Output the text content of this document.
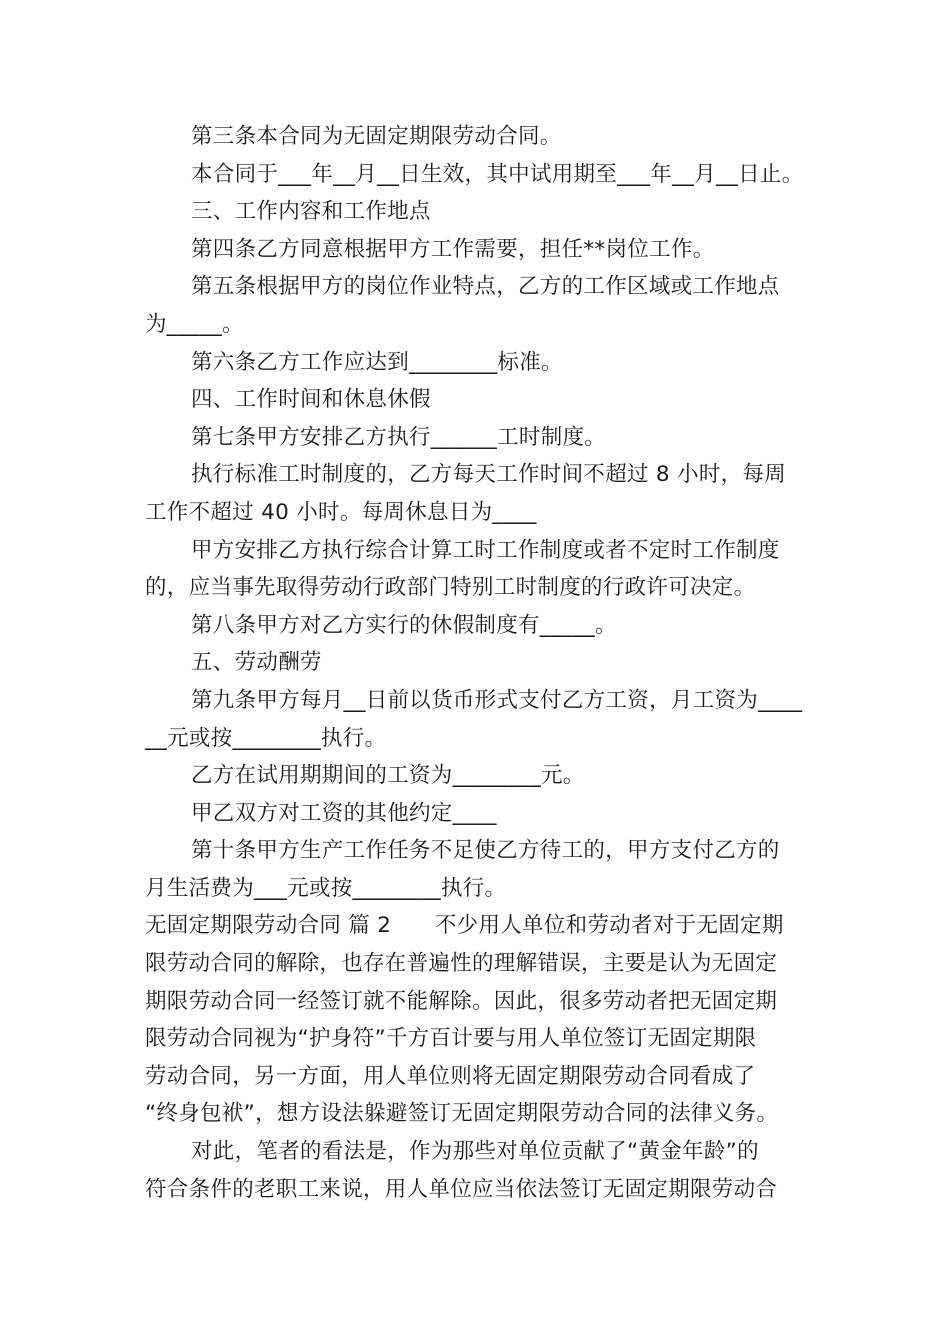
第三条本合同为无固定期限劳动合同。
本合同于___年__月__日生效，其中试用期至___年__月__日止。
三、工作内容和工作地点
第四条乙方同意根据甲方工作需要，担任**岗位工作。
第五条根据甲方的岗位作业特点，乙方的工作区域或工作地点
为_____。
第六条乙方工作应达到________标准。
四、工作时间和休息休假
第七条甲方安排乙方执行______工时制度。
执行标准工时制度的，乙方每天工作时间不超过 8 小时，每周
工作不超过 40 小时。每周休息日为____
甲方安排乙方执行综合计算工时工作制度或者不定时工作制度
的，应当事先取得劳动行政部门特别工时制度的行政许可决定。
第八条甲方对乙方实行的休假制度有_____。
五、劳动酬劳
第九条甲方每月__日前以货币形式支付乙方工资，月工资为____
__元或按________执行。
乙方在试用期期间的工资为________元。
甲乙双方对工资的其他约定____
第十条甲方生产工作任务不足使乙方待工的，甲方支付乙方的
月生活费为___元或按________执行。
无固定期限劳动合同 篇 2　　不少用人单位和劳动者对于无固定期
限劳动合同的解除，也存在普遍性的理解错误，主要是认为无固定
期限劳动合同一经签订就不能解除。因此，很多劳动者把无固定期
限劳动合同视为“护身符”千方百计要与用人单位签订无固定期限
劳动合同，另一方面，用人单位则将无固定期限劳动合同看成了
“终身包袱”，想方设法躲避签订无固定期限劳动合同的法律义务。
对此，笔者的看法是，作为那些对单位贡献了“黄金年龄”的
符合条件的老职工来说，用人单位应当依法签订无固定期限劳动合
